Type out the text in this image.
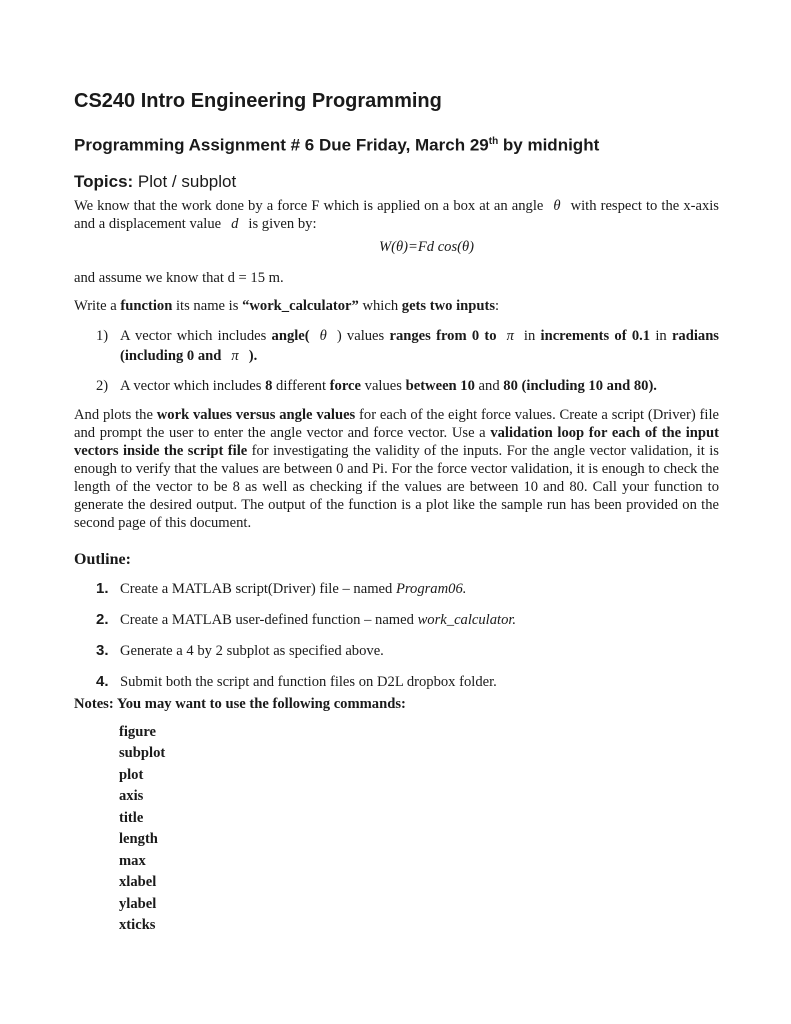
CS240 Intro Engineering Programming
Programming Assignment # 6 Due Friday, March 29th by midnight

Topics: Plot / subplot

We know that the work done by a force F which is applied on a box at an angle θ with respect to the x-axis and a displacement value d is given by:

W(θ)=Fd cos(θ)

and assume we know that d = 15 m.

Write a function its name is “work_calculator” which gets two inputs:

1) A vector which includes angle( θ ) values ranges from 0 to π in increments of 0.1 in radians (including 0 and π ).
2) A vector which includes 8 different force values between 10 and 80 (including 10 and 80).

And plots the work values versus angle values for each of the eight force values. Create a script (Driver) file and prompt the user to enter the angle vector and force vector. Use a validation loop for each of the input vectors inside the script file for investigating the validity of the inputs. For the angle vector validation, it is enough to verify that the values are between 0 and Pi. For the force vector validation, it is enough to check the length of the vector to be 8 as well as checking if the values are between 10 and 80. Call your function to generate the desired output. The output of the function is a plot like the sample run has been provided on the second page of this document.

Outline:
1. Create a MATLAB script(Driver) file – named Program06.
2. Create a MATLAB user-defined function – named work_calculator.
3. Generate a 4 by 2 subplot as specified above.
4. Submit both the script and function files on D2L dropbox folder.

Notes: You may want to use the following commands:

figure
subplot
plot
axis
title
length
max
xlabel
ylabel
xticks
